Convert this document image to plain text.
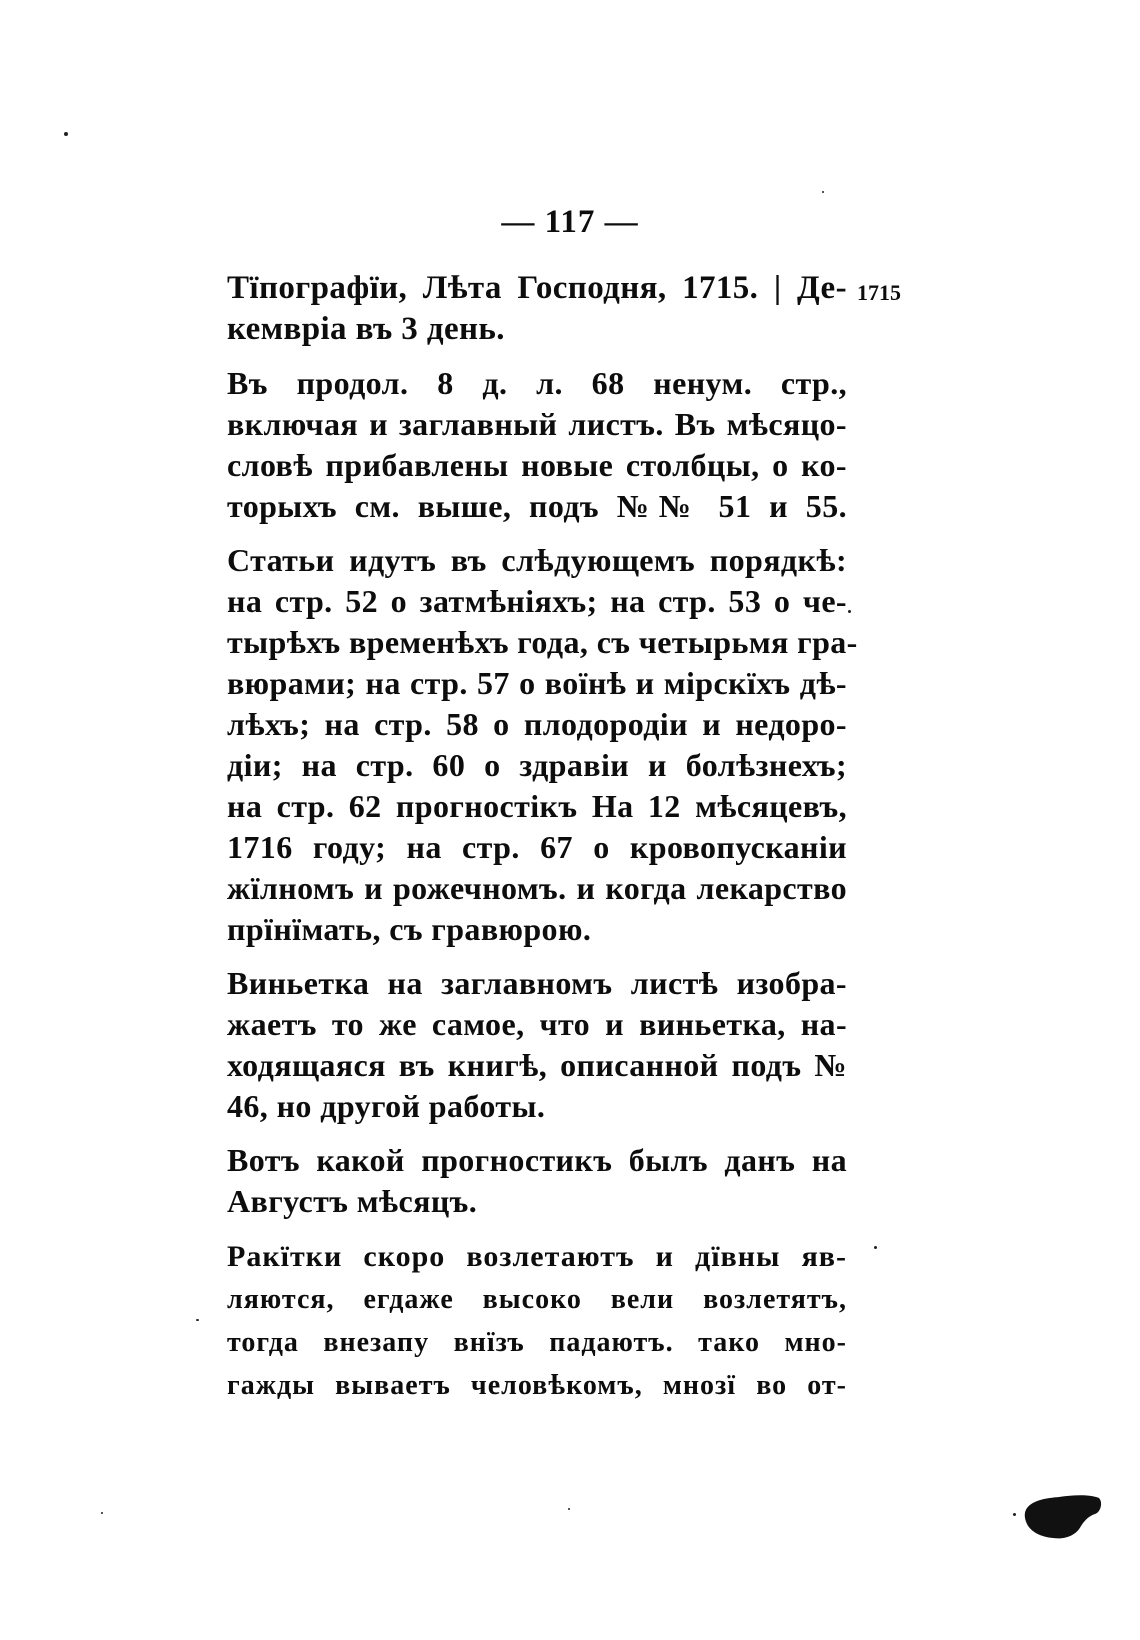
— 117 —
1715
Тїпографїи, Лѣта Господня, 1715. | Де-
кемвріа въ 3 день.
Въ продол. 8 д. л. 68 ненум. стр.,
включая и заглавный листъ. Въ мѣсяцо-
словѣ прибавлены новые столбцы, о ко-
торыхъ см. выше, подъ №№ 51 и 55.
Статьи идутъ въ слѣдующемъ порядкѣ:
на стр. 52 о затмѣніяхъ; на стр. 53 о че-
тырѣхъ временѣхъ года, съ четырьмя гра-
вюрами; на стр. 57 о воїнѣ и мірскїхъ дѣ-
лѣхъ; на стр. 58 о плодородіи и недоро-
діи; на стр. 60 о здравіи и болѣзнехъ;
на стр. 62 прогностікъ На 12 мѣсяцевъ,
1716 году; на стр. 67 о кровопусканіи
жїлномъ и рожечномъ. и когда лекарство
прїнїмать, съ гравюрою.
Виньетка на заглавномъ листѣ изобра-
жаетъ то же самое, что и виньетка, на-
ходящаяся въ книгѣ, описанной подъ №
46, но другой работы.
Вотъ какой прогностикъ былъ данъ на
Августъ мѣсяцъ.
Ракїтки скоро возлетаютъ и дївны яв-
ляются, егдаже высоко вели возлетятъ,
тогда внезапу внїзъ падаютъ. тако мно-
гажды вываетъ человѣкомъ, мнозї во от-
